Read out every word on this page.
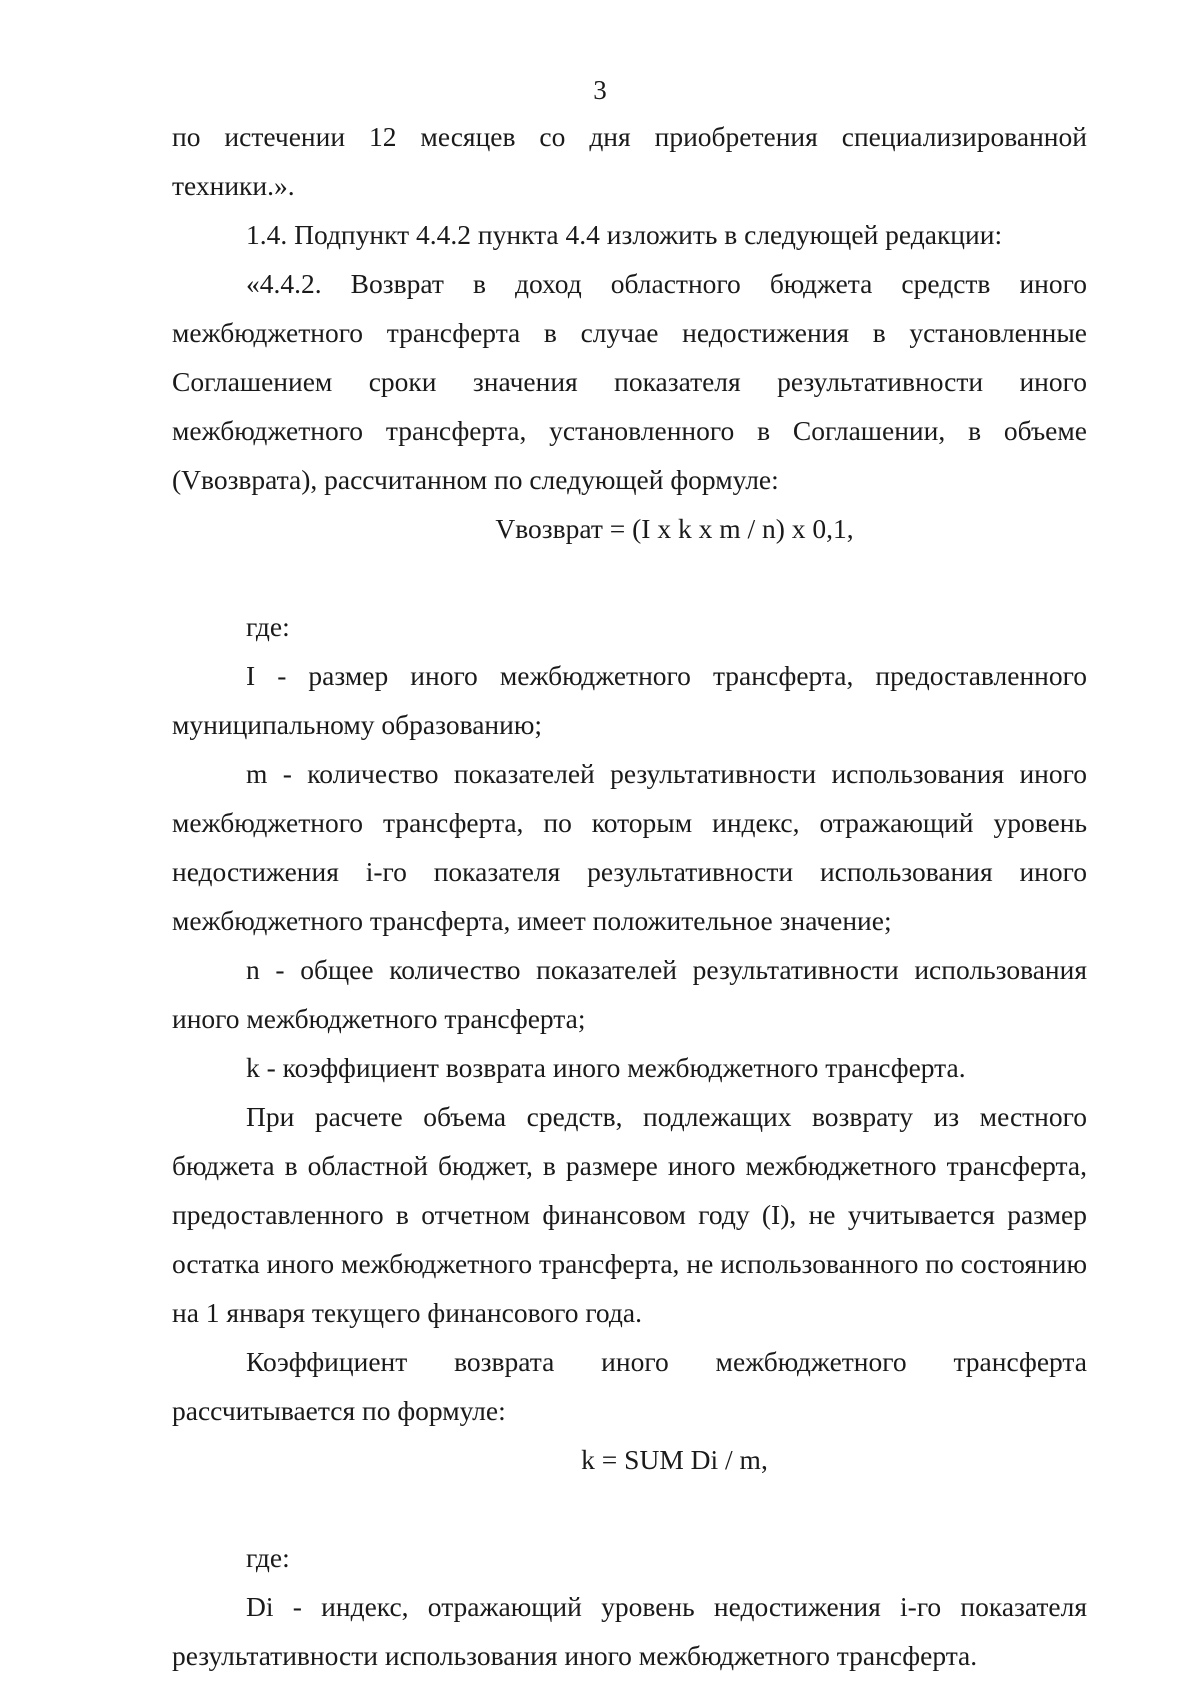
3

по истечении 12 месяцев со дня приобретения специализированной техники.».

1.4. Подпункт 4.4.2 пункта 4.4 изложить в следующей редакции:

«4.4.2. Возврат в доход областного бюджета средств иного межбюджетного трансферта в случае недостижения в установленные Соглашением сроки значения показателя результативности иного межбюджетного трансферта, установленного в Соглашении, в объеме (Vвозврата), рассчитанном по следующей формуле:

Vвозврат = (I x k x m / n) x 0,1,

где:

I - размер иного межбюджетного трансферта, предоставленного муниципальному образованию;

m - количество показателей результативности использования иного межбюджетного трансферта, по которым индекс, отражающий уровень недостижения i-го показателя результативности использования иного межбюджетного трансферта, имеет положительное значение;

n - общее количество показателей результативности использования иного межбюджетного трансферта;

k - коэффициент возврата иного межбюджетного трансферта.

При расчете объема средств, подлежащих возврату из местного бюджета в областной бюджет, в размере иного межбюджетного трансферта, предоставленного в отчетном финансовом году (I), не учитывается размер остатка иного межбюджетного трансферта, не использованного по состоянию на 1 января текущего финансового года.

Коэффициент возврата иного межбюджетного трансферта рассчитывается по формуле:

k = SUM Di / m,

где:

Di - индекс, отражающий уровень недостижения i-го показателя результативности использования иного межбюджетного трансферта.
